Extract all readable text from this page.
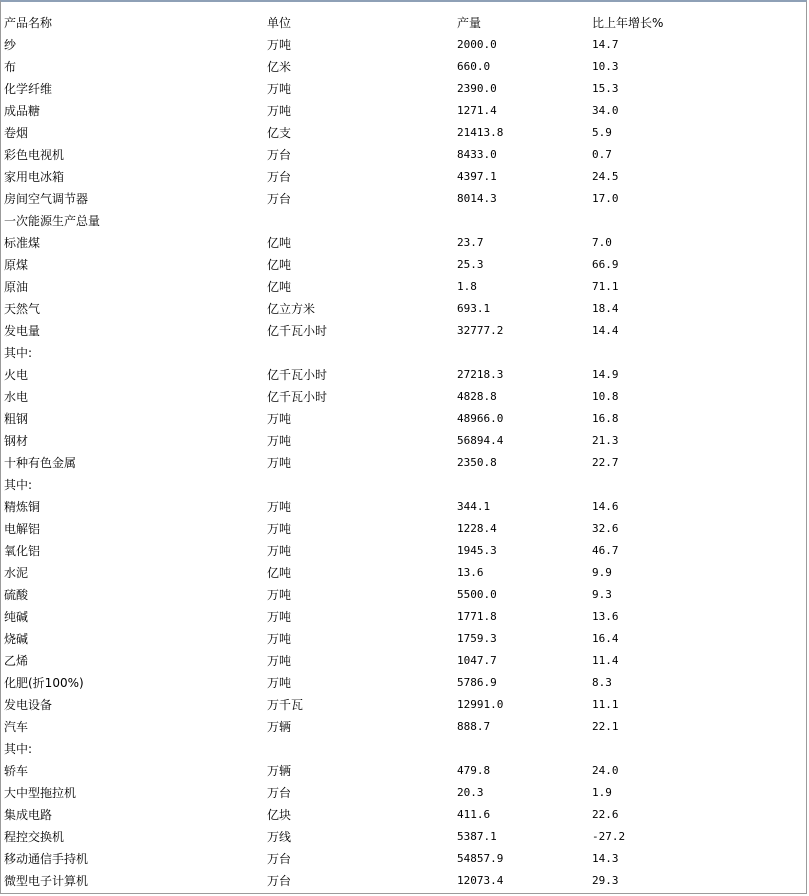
产品名称	单位	产量	比上年增长%
纱	万吨	2000.0	14.7
布	亿米	660.0	10.3
化学纤维	万吨	2390.0	15.3
成品糖	万吨	1271.4	34.0
卷烟	亿支	21413.8	5.9
彩色电视机	万台	8433.0	0.7
家用电冰箱	万台	4397.1	24.5
房间空气调节器	万台	8014.3	17.0
一次能源生产总量			
标准煤	亿吨	23.7	7.0
原煤	亿吨	25.3	66.9
原油	亿吨	1.8	71.1
天然气	亿立方米	693.1	18.4
发电量	亿千瓦小时	32777.2	14.4
其中:			
火电	亿千瓦小时	27218.3	14.9
水电	亿千瓦小时	4828.8	10.8
粗钢	万吨	48966.0	16.8
钢材	万吨	56894.4	21.3
十种有色金属	万吨	2350.8	22.7
其中:			
精炼铜	万吨	344.1	14.6
电解铝	万吨	1228.4	32.6
氧化铝	万吨	1945.3	46.7
水泥	亿吨	13.6	9.9
硫酸	万吨	5500.0	9.3
纯碱	万吨	1771.8	13.6
烧碱	万吨	1759.3	16.4
乙烯	万吨	1047.7	11.4
化肥(折100%)	万吨	5786.9	8.3
发电设备	万千瓦	12991.0	11.1
汽车	万辆	888.7	22.1
其中:			
轿车	万辆	479.8	24.0
大中型拖拉机	万台	20.3	1.9
集成电路	亿块	411.6	22.6
程控交换机	万线	5387.1	-27.2
移动通信手持机	万台	54857.9	14.3
微型电子计算机	万台	12073.4	29.3
